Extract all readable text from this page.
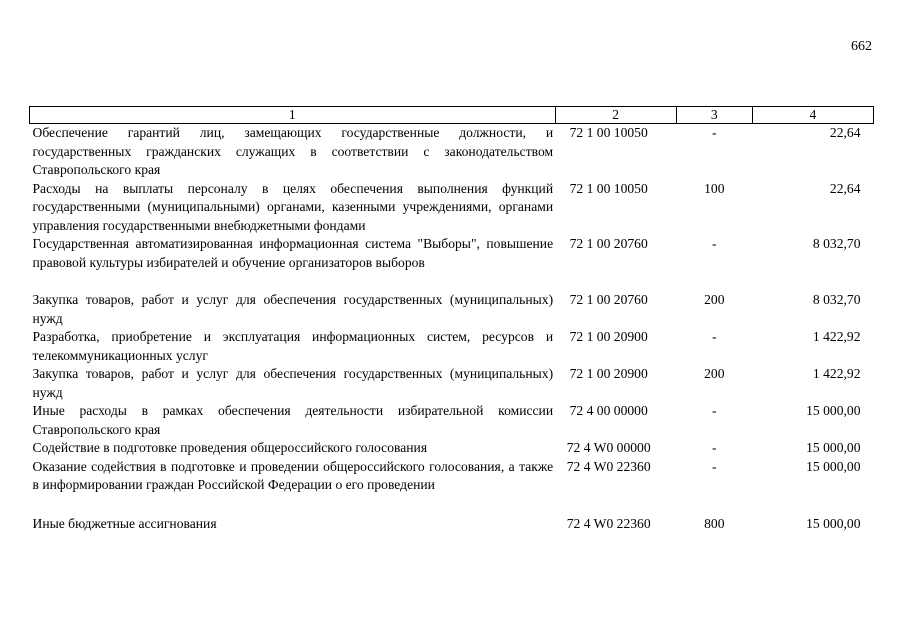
662
1	2	3	4
Обеспечение гарантий лиц, замещающих государственные должности, и государственных гражданских служащих в соответствии с законодательством Ставропольского края	72 1 00 10050	-	22,64
Расходы на выплаты персоналу в целях обеспечения выполнения функций государственными (муниципальными) органами, казенными учреждениями, органами управления государственными внебюджетными фондами	72 1 00 10050	100	22,64
Государственная автоматизированная информационная система "Выборы", повышение правовой культуры избирателей и обучение организаторов выборов	72 1 00 20760	-	8 032,70
Закупка товаров, работ и услуг для обеспечения государственных (муниципальных) нужд	72 1 00 20760	200	8 032,70
Разработка, приобретение и эксплуатация информационных систем, ресурсов и телекоммуникационных услуг	72 1 00 20900	-	1 422,92
Закупка товаров, работ и услуг для обеспечения государственных (муниципальных) нужд	72 1 00 20900	200	1 422,92
Иные расходы в рамках обеспечения деятельности избирательной комиссии Ставропольского края	72 4 00 00000	-	15 000,00
Содействие в подготовке проведения общероссийского голосования	72 4 W0 00000	-	15 000,00
Оказание содействия в подготовке и проведении общероссийского голосования, а также в информировании граждан Российской Федерации о его проведении	72 4 W0 22360	-	15 000,00
Иные бюджетные ассигнования	72 4 W0 22360	800	15 000,00
